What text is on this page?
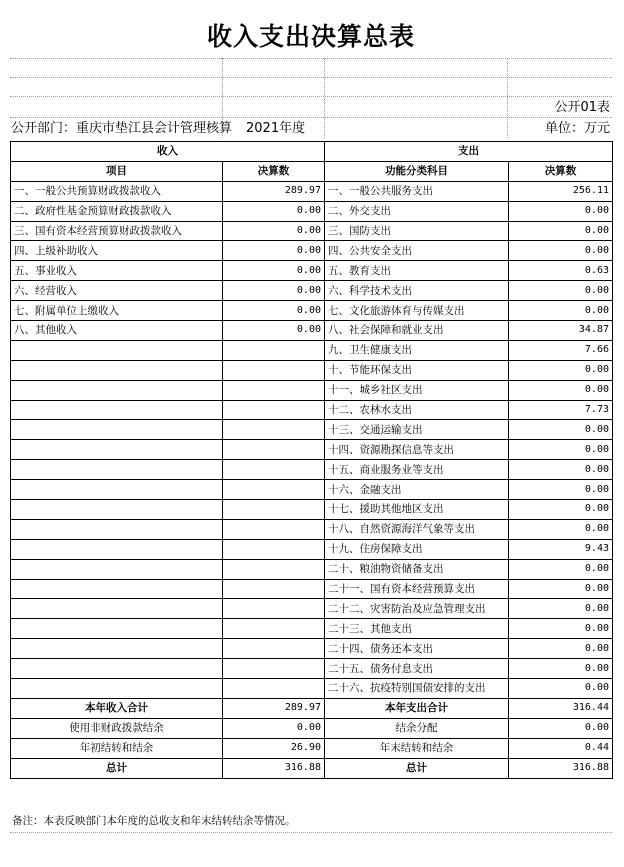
收入支出决算总表
公开01表
公开部门：重庆市垫江县会计管理核算 2021年度	单位：万元
收入		支出	
项目	决算数	功能分类科目	决算数
一、一般公共预算财政拨款收入	289.97	一、一般公共服务支出	256.11
二、政府性基金预算财政拨款收入	0.00	二、外交支出	0.00
三、国有资本经营预算财政拨款收入	0.00	三、国防支出	0.00
四、上级补助收入	0.00	四、公共安全支出	0.00
五、事业收入	0.00	五、教育支出	0.63
六、经营收入	0.00	六、科学技术支出	0.00
七、附属单位上缴收入	0.00	七、文化旅游体育与传媒支出	0.00
八、其他收入	0.00	八、社会保障和就业支出	34.87
		九、卫生健康支出	7.66
		十、节能环保支出	0.00
		十一、城乡社区支出	0.00
		十二、农林水支出	7.73
		十三、交通运输支出	0.00
		十四、资源勘探信息等支出	0.00
		十五、商业服务业等支出	0.00
		十六、金融支出	0.00
		十七、援助其他地区支出	0.00
		十八、自然资源海洋气象等支出	0.00
		十九、住房保障支出	9.43
		二十、粮油物资储备支出	0.00
		二十一、国有资本经营预算支出	0.00
		二十二、灾害防治及应急管理支出	0.00
		二十三、其他支出	0.00
		二十四、债务还本支出	0.00
		二十五、债务付息支出	0.00
		二十六、抗疫特别国债安排的支出	0.00
本年收入合计	289.97	本年支出合计	316.44
使用非财政拨款结余	0.00	结余分配	0.00
年初结转和结余	26.90	年末结转和结余	0.44
总计	316.88	总计	316.88
备注：本表反映部门本年度的总收支和年末结转结余等情况。
